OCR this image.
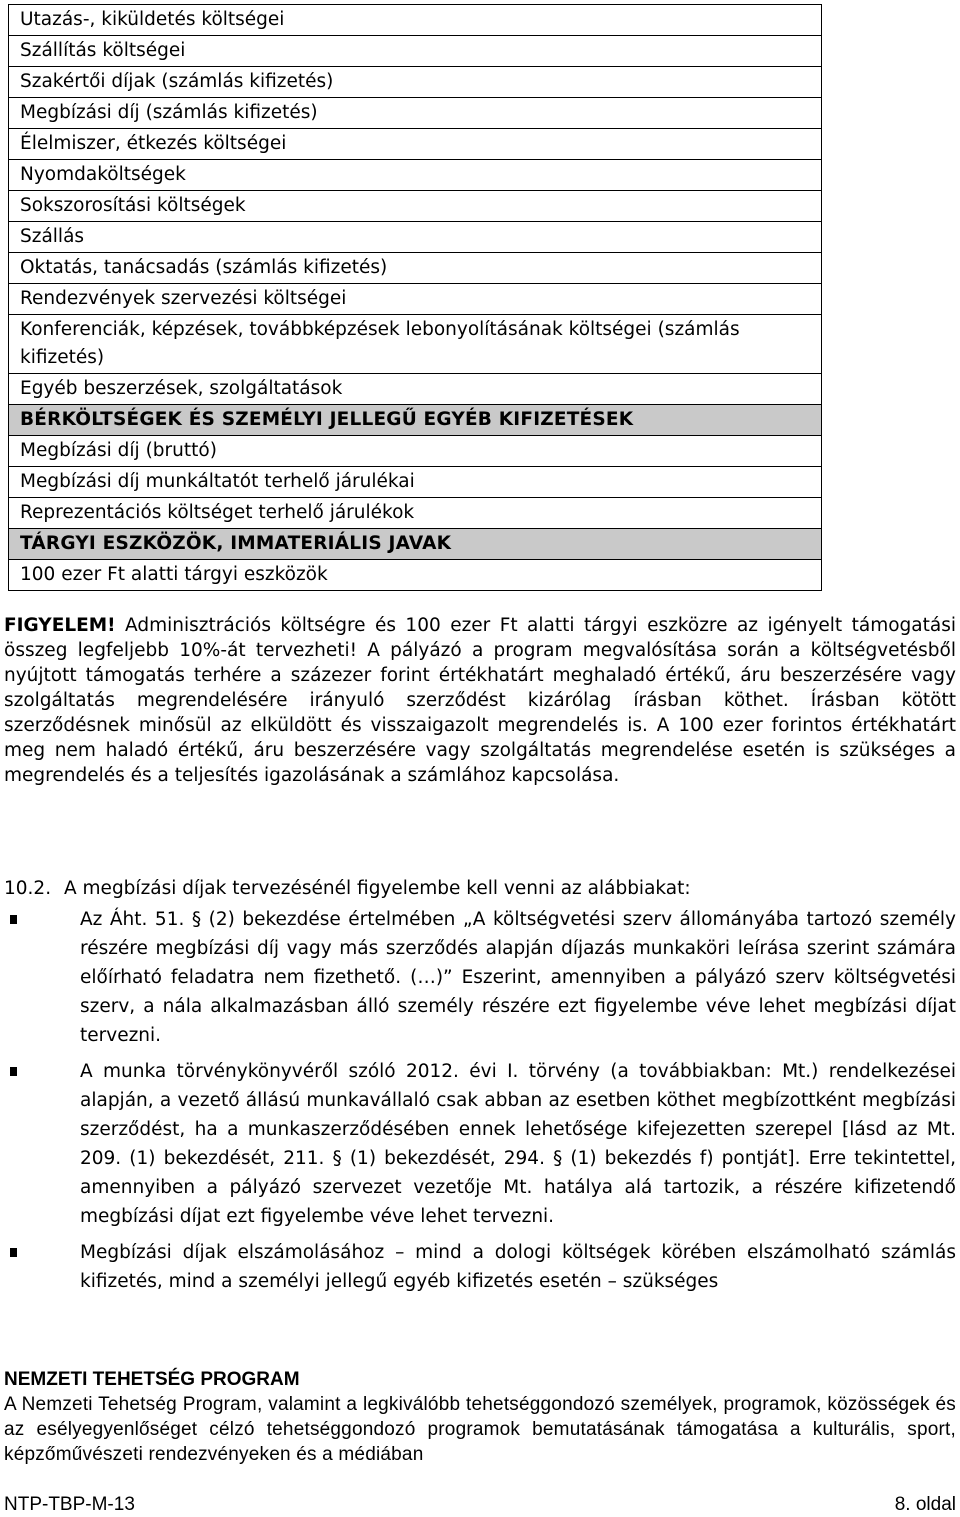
Utazás-, kiküldetés költségei
Szállítás költségei
Szakértői díjak (számlás kifizetés)
Megbízási díj (számlás kifizetés)
Élelmiszer, étkezés költségei
Nyomdaköltségek
Sokszorosítási költségek
Szállás
Oktatás, tanácsadás (számlás kifizetés)
Rendezvények szervezési költségei
Konferenciák, képzések, továbbképzések lebonyolításának költségei (számlás kifizetés)
Egyéb beszerzések, szolgáltatások
BÉRKÖLTSÉGEK ÉS SZEMÉLYI JELLEGŰ EGYÉB KIFIZETÉSEK
Megbízási díj (bruttó)
Megbízási díj munkáltatót terhelő járulékai
Reprezentációs költséget terhelő járulékok
TÁRGYI ESZKÖZÖK, IMMATERIÁLIS JAVAK
100 ezer Ft alatti tárgyi eszközök

FIGYELEM! Adminisztrációs költségre és 100 ezer Ft alatti tárgyi eszközre az igényelt támogatási összeg legfeljebb 10%-át tervezheti! A pályázó a program megvalósítása során a költségvetésből nyújtott támogatás terhére a százezer forint értékhatárt meghaladó értékű, áru beszerzésére vagy szolgáltatás megrendelésére irányuló szerződést kizárólag írásban köthet. Írásban kötött szerződésnek minősül az elküldött és visszaigazolt megrendelés is. A 100 ezer forintos értékhatárt meg nem haladó értékű, áru beszerzésére vagy szolgáltatás megrendelése esetén is szükséges a megrendelés és a teljesítés igazolásának a számlához kapcsolása.

10.2. A megbízási díjak tervezésénél figyelembe kell venni az alábbiakat:

Az Áht. 51. § (2) bekezdése értelmében „A költségvetési szerv állományába tartozó személy részére megbízási díj vagy más szerződés alapján díjazás munkaköri leírása szerint számára előírható feladatra nem fizethető. (…)” Eszerint, amennyiben a pályázó szerv költségvetési szerv, a nála alkalmazásban álló személy részére ezt figyelembe véve lehet megbízási díjat tervezni.
A munka törvénykönyvéről szóló 2012. évi I. törvény (a továbbiakban: Mt.) rendelkezései alapján, a vezető állású munkavállaló csak abban az esetben köthet megbízottként megbízási szerződést, ha a munkaszerződésében ennek lehetősége kifejezetten szerepel [lásd az Mt. 209. (1) bekezdését, 211. § (1) bekezdését, 294. § (1) bekezdés f) pontját]. Erre tekintettel, amennyiben a pályázó szervezet vezetője Mt. hatálya alá tartozik, a részére kifizetendő megbízási díjat ezt figyelembe véve lehet tervezni.
Megbízási díjak elszámolásához – mind a dologi költségek körében elszámolható számlás kifizetés, mind a személyi jellegű egyéb kifizetés esetén – szükséges
NEMZETI TEHETSÉG PROGRAM
A Nemzeti Tehetség Program, valamint a legkiválóbb tehetséggondozó személyek, programok, közösségek és az esélyegyenlőséget célzó tehetséggondozó programok bemutatásának támogatása a kulturális, sport, képzőművészeti rendezvényeken és a médiában
NTP-TBP-M-13	8. oldal
